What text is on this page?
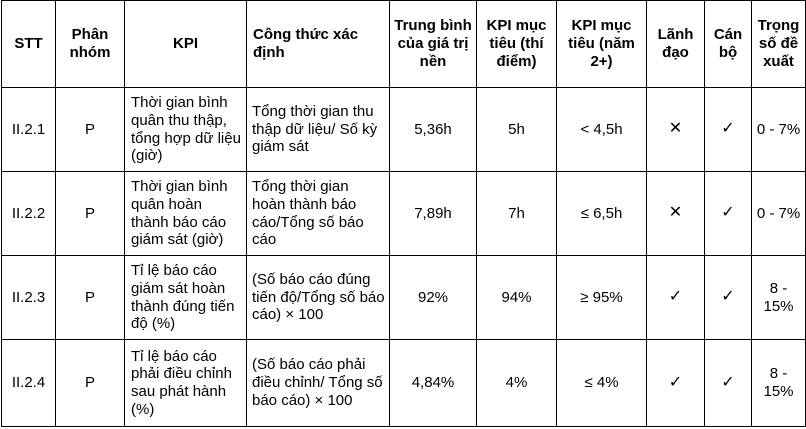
STT	Phân nhóm	KPI	Công thức xác định	Trung bình của giá trị nền	KPI mục tiêu (thí điểm)	KPI mục tiêu (năm 2+)	Lãnh đạo	Cán bộ	Trọng số đề xuất
II.2.1	P	Thời gian bình quân thu thập, tổng hợp dữ liệu (giờ)	Tổng thời gian thu thập dữ liệu/ Số kỳ giám sát	5,36h	5h	< 4,5h	✕	✓	0 - 7%
II.2.2	P	Thời gian bình quân hoàn thành báo cáo giám sát (giờ)	Tổng thời gian hoàn thành báo cáo/Tổng số báo cáo	7,89h	7h	≤ 6,5h	✕	✓	0 - 7%
II.2.3	P	Tỉ lệ báo cáo giám sát hoàn thành đúng tiến độ (%)	(Số báo cáo đúng tiến độ/Tổng số báo cáo) × 100	92%	94%	≥ 95%	✓	✓	8 - 15%
II.2.4	P	Tỉ lệ báo cáo phải điều chỉnh sau phát hành (%)	(Số báo cáo phải điều chỉnh/ Tổng số báo cáo) × 100	4,84%	4%	≤ 4%	✓	✓	8 - 15%
